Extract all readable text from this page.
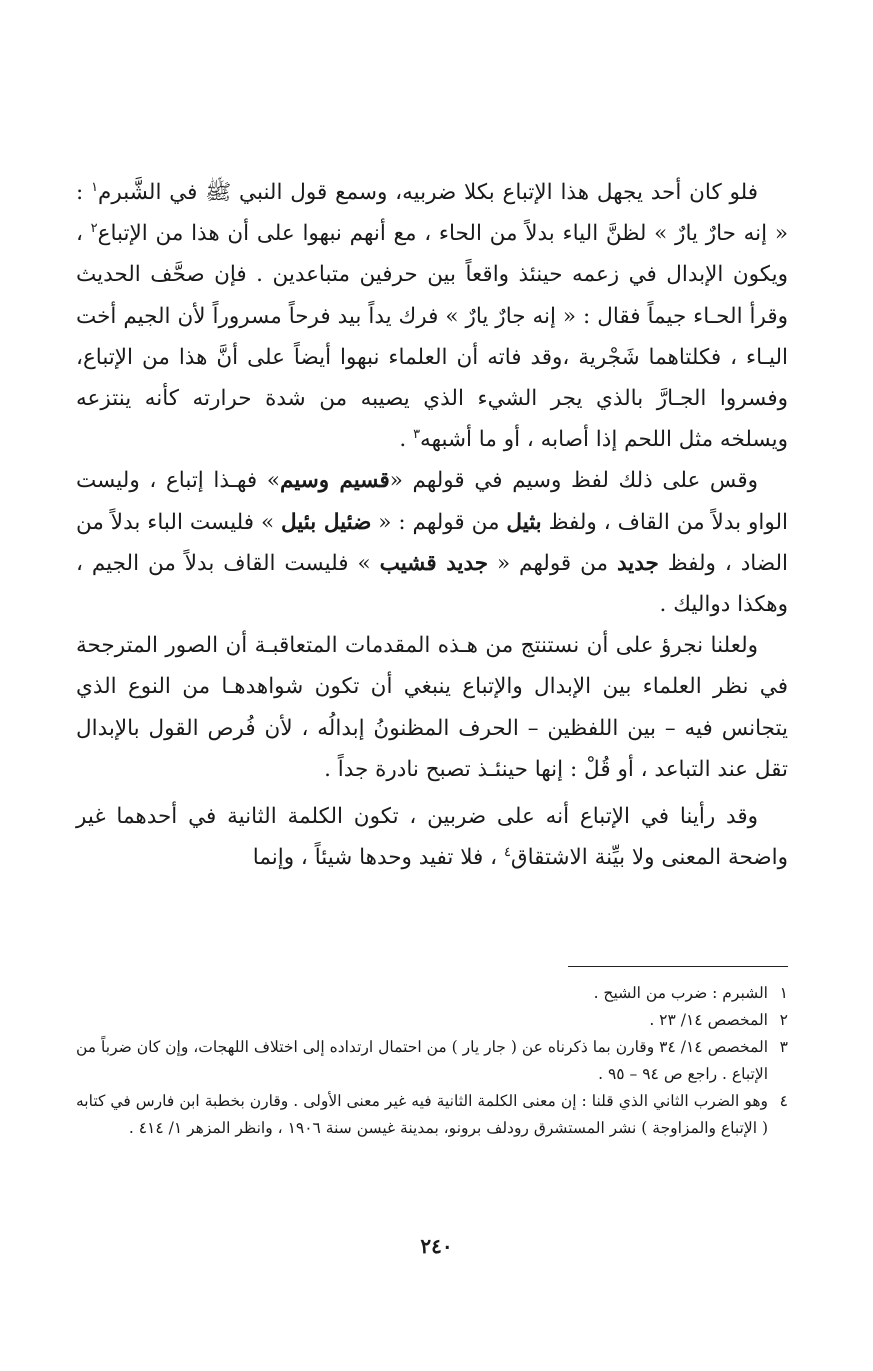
فلو كان أحد يجهل هذا الإتباع بكلا ضربيه، وسمع قول النبي ﷺ في الشَّبرم$^١$ : « إنه حارٌ يارٌ » لظنَّ الياء بدلاً من الحاء ، مع أنهم نبهوا على أن هذا من الإتباع$^٢$ ، ويكون الإبدال في زعمه حينئذ واقعاً بين حرفين متباعدين . فإن صحَّف الحديث وقرأ الحـاء جيماً فقال : « إنه جارٌ يارٌ » فرك يداً بيد فرحاً مسروراً لأن الجيم أخت اليـاء ، فكلتاهما شَجْرية ،وقد فاته أن العلماء نبهوا أيضاً على أنَّ هذا من الإتباع، وفسروا الجـارَّ بالذي يجر الشيء الذي يصيبه من شدة حرارته كأنه ينتزعه ويسلخه مثل اللحم إذا أصابه ، أو ما أشبهه$^٣$ .

وقس على ذلك لفظ وسيم في قولهم «قسيم وسيم» فهـذا إتباع ، وليست الواو بدلاً من القاف ، ولفظ بثيل من قولهم : « ضئيل بئيل » فليست الباء بدلاً من الضاد ، ولفظ جديد من قولهم « جديد قشيب » فليست القاف بدلاً من الجيم ، وهكذا دواليك .

ولعلنا نجرؤ على أن نستنتج من هـذه المقدمات المتعاقبـة أن الصور المترجحة في نظر العلماء بين الإبدال والإتباع ينبغي أن تكون شواهدهـا من النوع الذي يتجانس فيه – بين اللفظين – الحرف المظنونُ إبدالُه ، لأن فُرص القول بالإبدال تقل عند التباعد ، أو قُلْ : إنها حينئـذ تصبح نادرة جداً .

وقد رأينا في الإتباع أنه على ضربين ، تكون الكلمة الثانية في أحدهما غير واضحة المعنى ولا بيِّنة الاشتقاق$^٤$ ، فلا تفيد وحدها شيئاً ، وإنما

١
الشبرم : ضرب من الشيح .
٢
المخصص ١٤/ ٢٣ .
٣
المخصص ١٤/ ٣٤ وقارن بما ذكرناه عن ( جار يار ) من احتمال ارتداده إلى اختلاف اللهجات، وإن كان ضرباً من الإتباع . راجع ص ٩٤ – ٩٥ .
٤
وهو الضرب الثاني الذي قلنا : إن معنى الكلمة الثانية فيه غير معنى الأولى . وقارن بخطبة ابن فارس في كتابه ( الإتباع والمزاوجة ) نشر المستشرق رودلف برونو، بمدينة غيسن سنة ١٩٠٦ ، وانظر المزهر ١/ ٤١٤ .
٢٤٠
